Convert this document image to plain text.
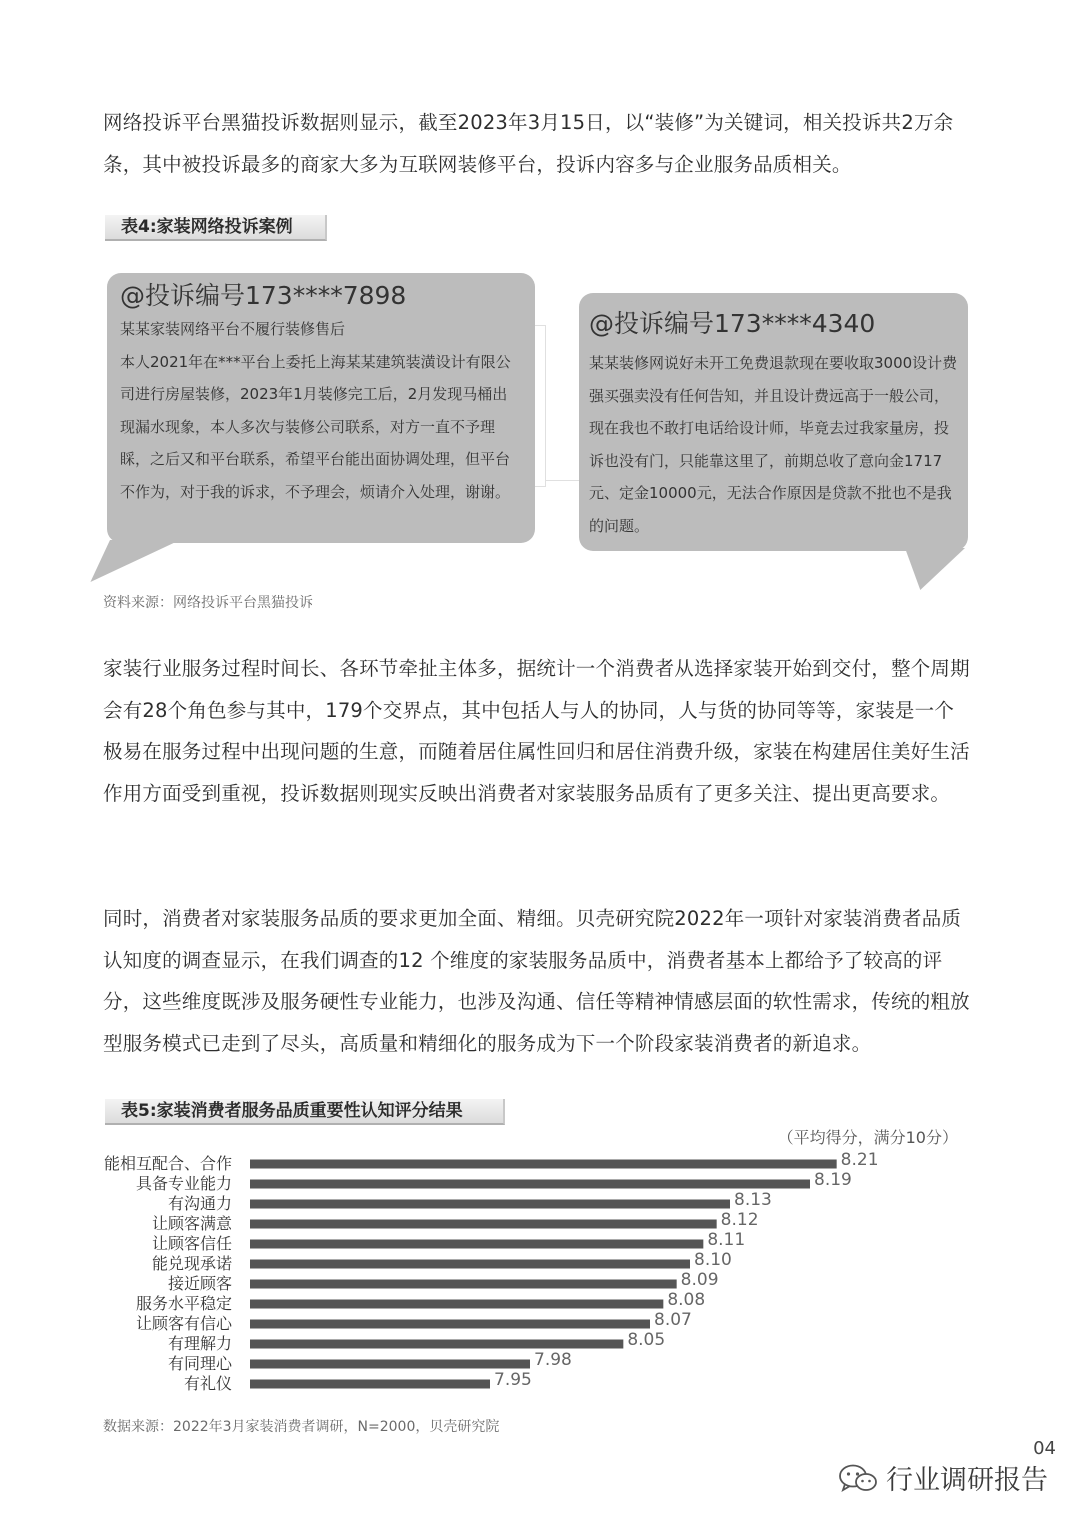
网络投诉平台黑猫投诉数据则显示，截至2023年3月15日，以“装修”为关键词，相关投诉共2万余条，其中被投诉最多的商家大多为互联网装修平台，投诉内容多与企业服务品质相关。

表4:家装网络投诉案例
@投诉编号173****7898
某某家装网络平台不履行装修售后
本人2021年在***平台上委托上海某某建筑装潢设计有限公司进行房屋装修，2023年1月装修完工后，2月发现马桶出现漏水现象，本人多次与装修公司联系，对方一直不予理睬，之后又和平台联系，希望平台能出面协调处理，但平台不作为，对于我的诉求，不予理会，烦请介入处理，谢谢。
@投诉编号173****4340
某某装修网说好未开工免费退款现在要收取3000设计费强买强卖没有任何告知，并且设计费远高于一般公司，现在我也不敢打电话给设计师，毕竟去过我家量房，投诉也没有门，只能靠这里了，前期总收了意向金1717元、定金10000元，无法合作原因是贷款不批也不是我的问题。
资料来源：网络投诉平台黑猫投诉

家装行业服务过程时间长、各环节牵扯主体多，据统计一个消费者从选择家装开始到交付，整个周期会有28个角色参与其中，179个交界点，其中包括人与人的协同，人与货的协同等等，家装是一个极易在服务过程中出现问题的生意，而随着居住属性回归和居住消费升级，家装在构建居住美好生活作用方面受到重视，投诉数据则现实反映出消费者对家装服务品质有了更多关注、提出更高要求。

同时，消费者对家装服务品质的要求更加全面、精细。贝壳研究院2022年一项针对家装消费者品质认知度的调查显示，在我们调查的12 个维度的家装服务品质中，消费者基本上都给予了较高的评分，这些维度既涉及服务硬性专业能力，也涉及沟通、信任等精神情感层面的软性需求，传统的粗放型服务模式已走到了尽头，高质量和精细化的服务成为下一个阶段家装消费者的新追求。

表5:家装消费者服务品质重要性认知评分结果
（平均得分，满分10分）
能相互配合、合作	8.21
具备专业能力	8.19
有沟通力	8.13
让顾客满意	8.12
让顾客信任	8.11
能兑现承诺	8.10
接近顾客	8.09
服务水平稳定	8.08
让顾客有信心	8.07
有理解力	8.05
有同理心	7.98
有礼仪	7.95
数据来源：2022年3月家装消费者调研，N=2000，贝壳研究院
04
行业调研报告
